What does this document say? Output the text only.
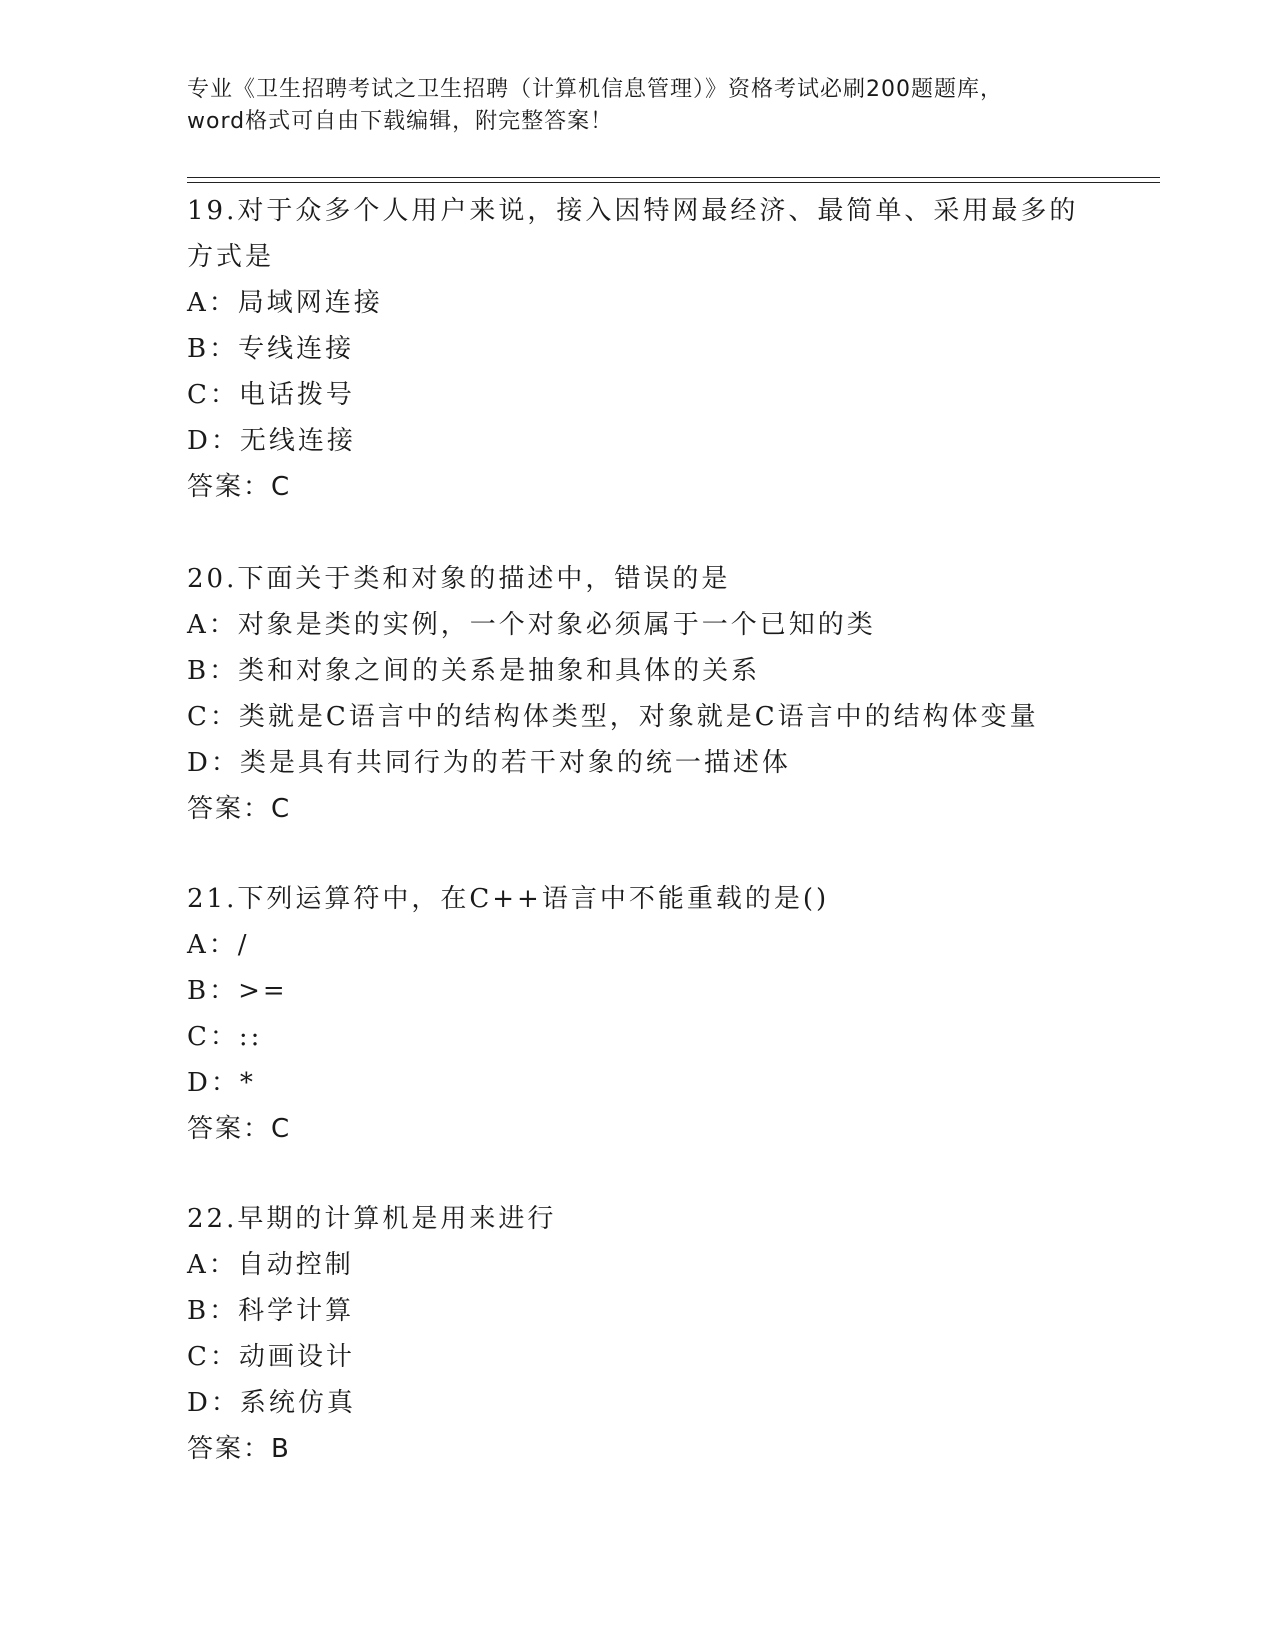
专业《卫生招聘考试之卫生招聘（计算机信息管理）》资格考试必刷200题题库，
word格式可自由下载编辑，附完整答案！
19.对于众多个人用户来说，接入因特网最经济、最简单、采用最多的
方式是
A：局域网连接
B：专线连接
C：电话拨号
D：无线连接
答案：C
20.下面关于类和对象的描述中，错误的是
A：对象是类的实例，一个对象必须属于一个已知的类
B：类和对象之间的关系是抽象和具体的关系
C：类就是C语言中的结构体类型，对象就是C语言中的结构体变量
D：类是具有共同行为的若干对象的统一描述体
答案：C
21.下列运算符中，在C++语言中不能重载的是()
A：/
B：>=
C：::
D：*
答案：C
22.早期的计算机是用来进行
A：自动控制
B：科学计算
C：动画设计
D：系统仿真
答案：B
